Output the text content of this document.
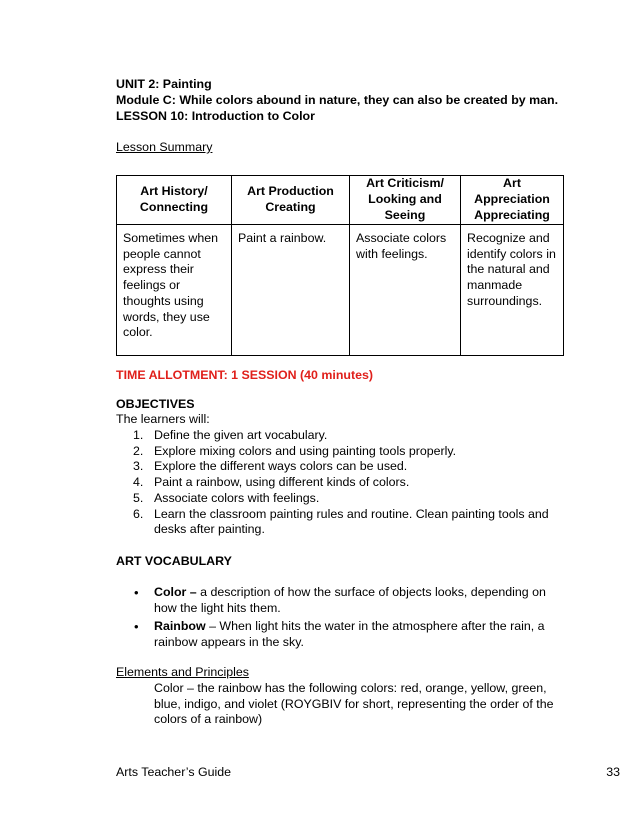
UNIT 2: Painting
Module C: While colors abound in nature, they can also be created by man.
LESSON 10: Introduction to Color
Lesson Summary
Art History/ Connecting	Art Production Creating	Art Criticism/ Looking and Seeing	Art Appreciation Appreciating
Sometimes when people cannot express their feelings or thoughts using words, they use color.	Paint a rainbow.	Associate colors with feelings.	Recognize and identify colors in the natural and manmade surroundings.
TIME ALLOTMENT: 1 SESSION (40 minutes)
OBJECTIVES
The learners will:
1. Define the given art vocabulary.
2. Explore mixing colors and using painting tools properly.
3. Explore the different ways colors can be used.
4. Paint a rainbow, using different kinds of colors.
5. Associate colors with feelings.
6. Learn the classroom painting rules and routine. Clean painting tools and desks after painting.
ART VOCABULARY
• Color – a description of how the surface of objects looks, depending on how the light hits them.
• Rainbow – When light hits the water in the atmosphere after the rain, a rainbow appears in the sky.
Elements and Principles
Color – the rainbow has the following colors: red, orange, yellow, green, blue, indigo, and violet (ROYGBIV for short, representing the order of the colors of a rainbow)
Arts Teacher’s Guide	33
